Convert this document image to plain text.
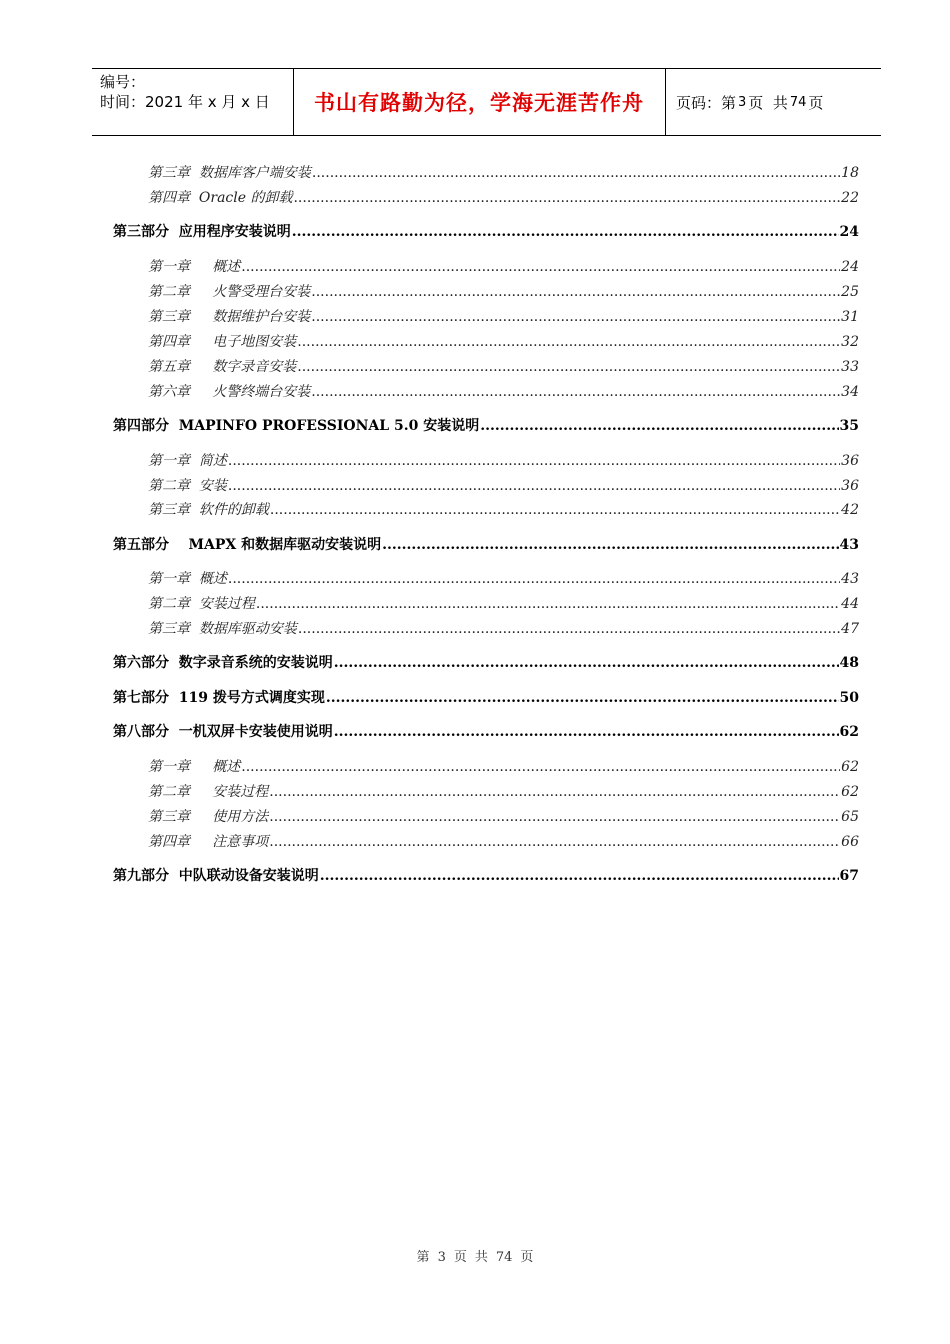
编号：
时间：2021 年 x 月 x 日	书山有路勤为径，学海无涯苦作舟 页码：第 3 页  共 74 页
第三章  数据库客户端安装 .....	18
第四章  Oracle 的卸载 .....	22
第三部分  应用程序安装说明 .....	24
第一章     概述 .....	24
第二章     火警受理台安装 .....	25
第三章     数据维护台安装 .....	31
第四章     电子地图安装 .....	32
第五章     数字录音安装 .....	33
第六章     火警终端台安装 .....	34
第四部分  MAPINFO PROFESSIONAL 5.0 安装说明 .....	35
第一章  简述 .....	36
第二章  安装 .....	36
第三章  软件的卸载 .....	42
第五部分    MAPX 和数据库驱动安装说明 .....	43
第一章  概述 .....	43
第二章  安装过程 .....	44
第三章  数据库驱动安装 .....	47
第六部分  数字录音系统的安装说明 .....	48
第七部分  119 拨号方式调度实现 .....	50
第八部分  一机双屏卡安装使用说明 .....	62
第一章     概述 .....	62
第二章     安装过程 .....	62
第三章     使用方法 .....	65
第四章     注意事项 .....	66
第九部分  中队联动设备安装说明 .....	67
第 3 页 共 74 页
